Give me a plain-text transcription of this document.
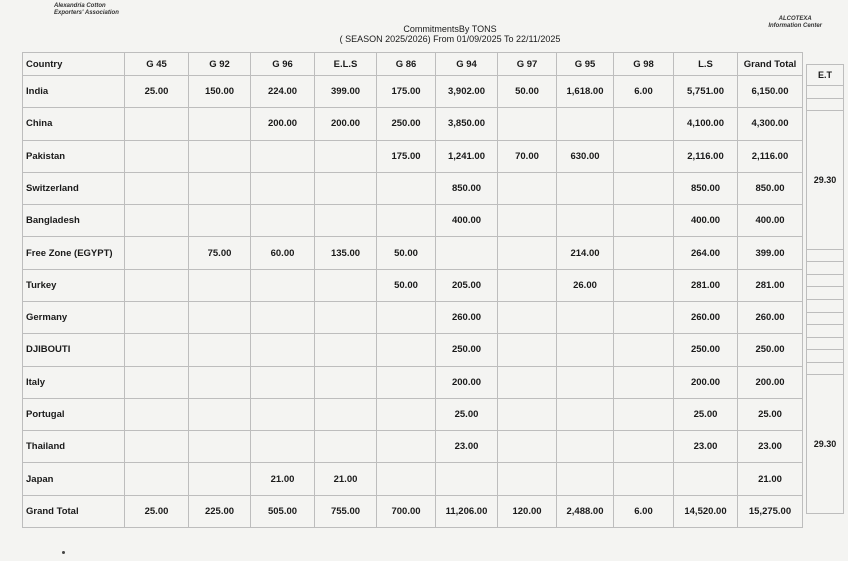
Alexandria Cotton
Exporters' Association
ALCOTEXA
Information Center
CommitmentsBy TONS
( SEASON 2025/2026) From 01/09/2025 To 22/11/2025
Country	G 45	G 92	G 96	E.L.S	G 86	G 94	G 97	G 95	G 98	L.S	Grand Total
India	25.00	150.00	224.00	399.00	175.00	3,902.00	50.00	1,618.00	6.00	5,751.00	6,150.00
China			200.00	200.00	250.00	3,850.00				4,100.00	4,300.00
Pakistan					175.00	1,241.00	70.00	630.00		2,116.00	2,116.00
Switzerland						850.00				850.00	850.00
Bangladesh						400.00				400.00	400.00
Free Zone (EGYPT)		75.00	60.00	135.00	50.00			214.00		264.00	399.00
Turkey					50.00	205.00		26.00		281.00	281.00
Germany						260.00				260.00	260.00
DJIBOUTI						250.00				250.00	250.00
Italy						200.00				200.00	200.00
Portugal						25.00				25.00	25.00
Thailand						23.00				23.00	23.00
Japan			21.00	21.00							21.00
Grand Total	25.00	225.00	505.00	755.00	700.00	11,206.00	120.00	2,488.00	6.00	14,520.00	15,275.00
E.T

29.30

29.30
